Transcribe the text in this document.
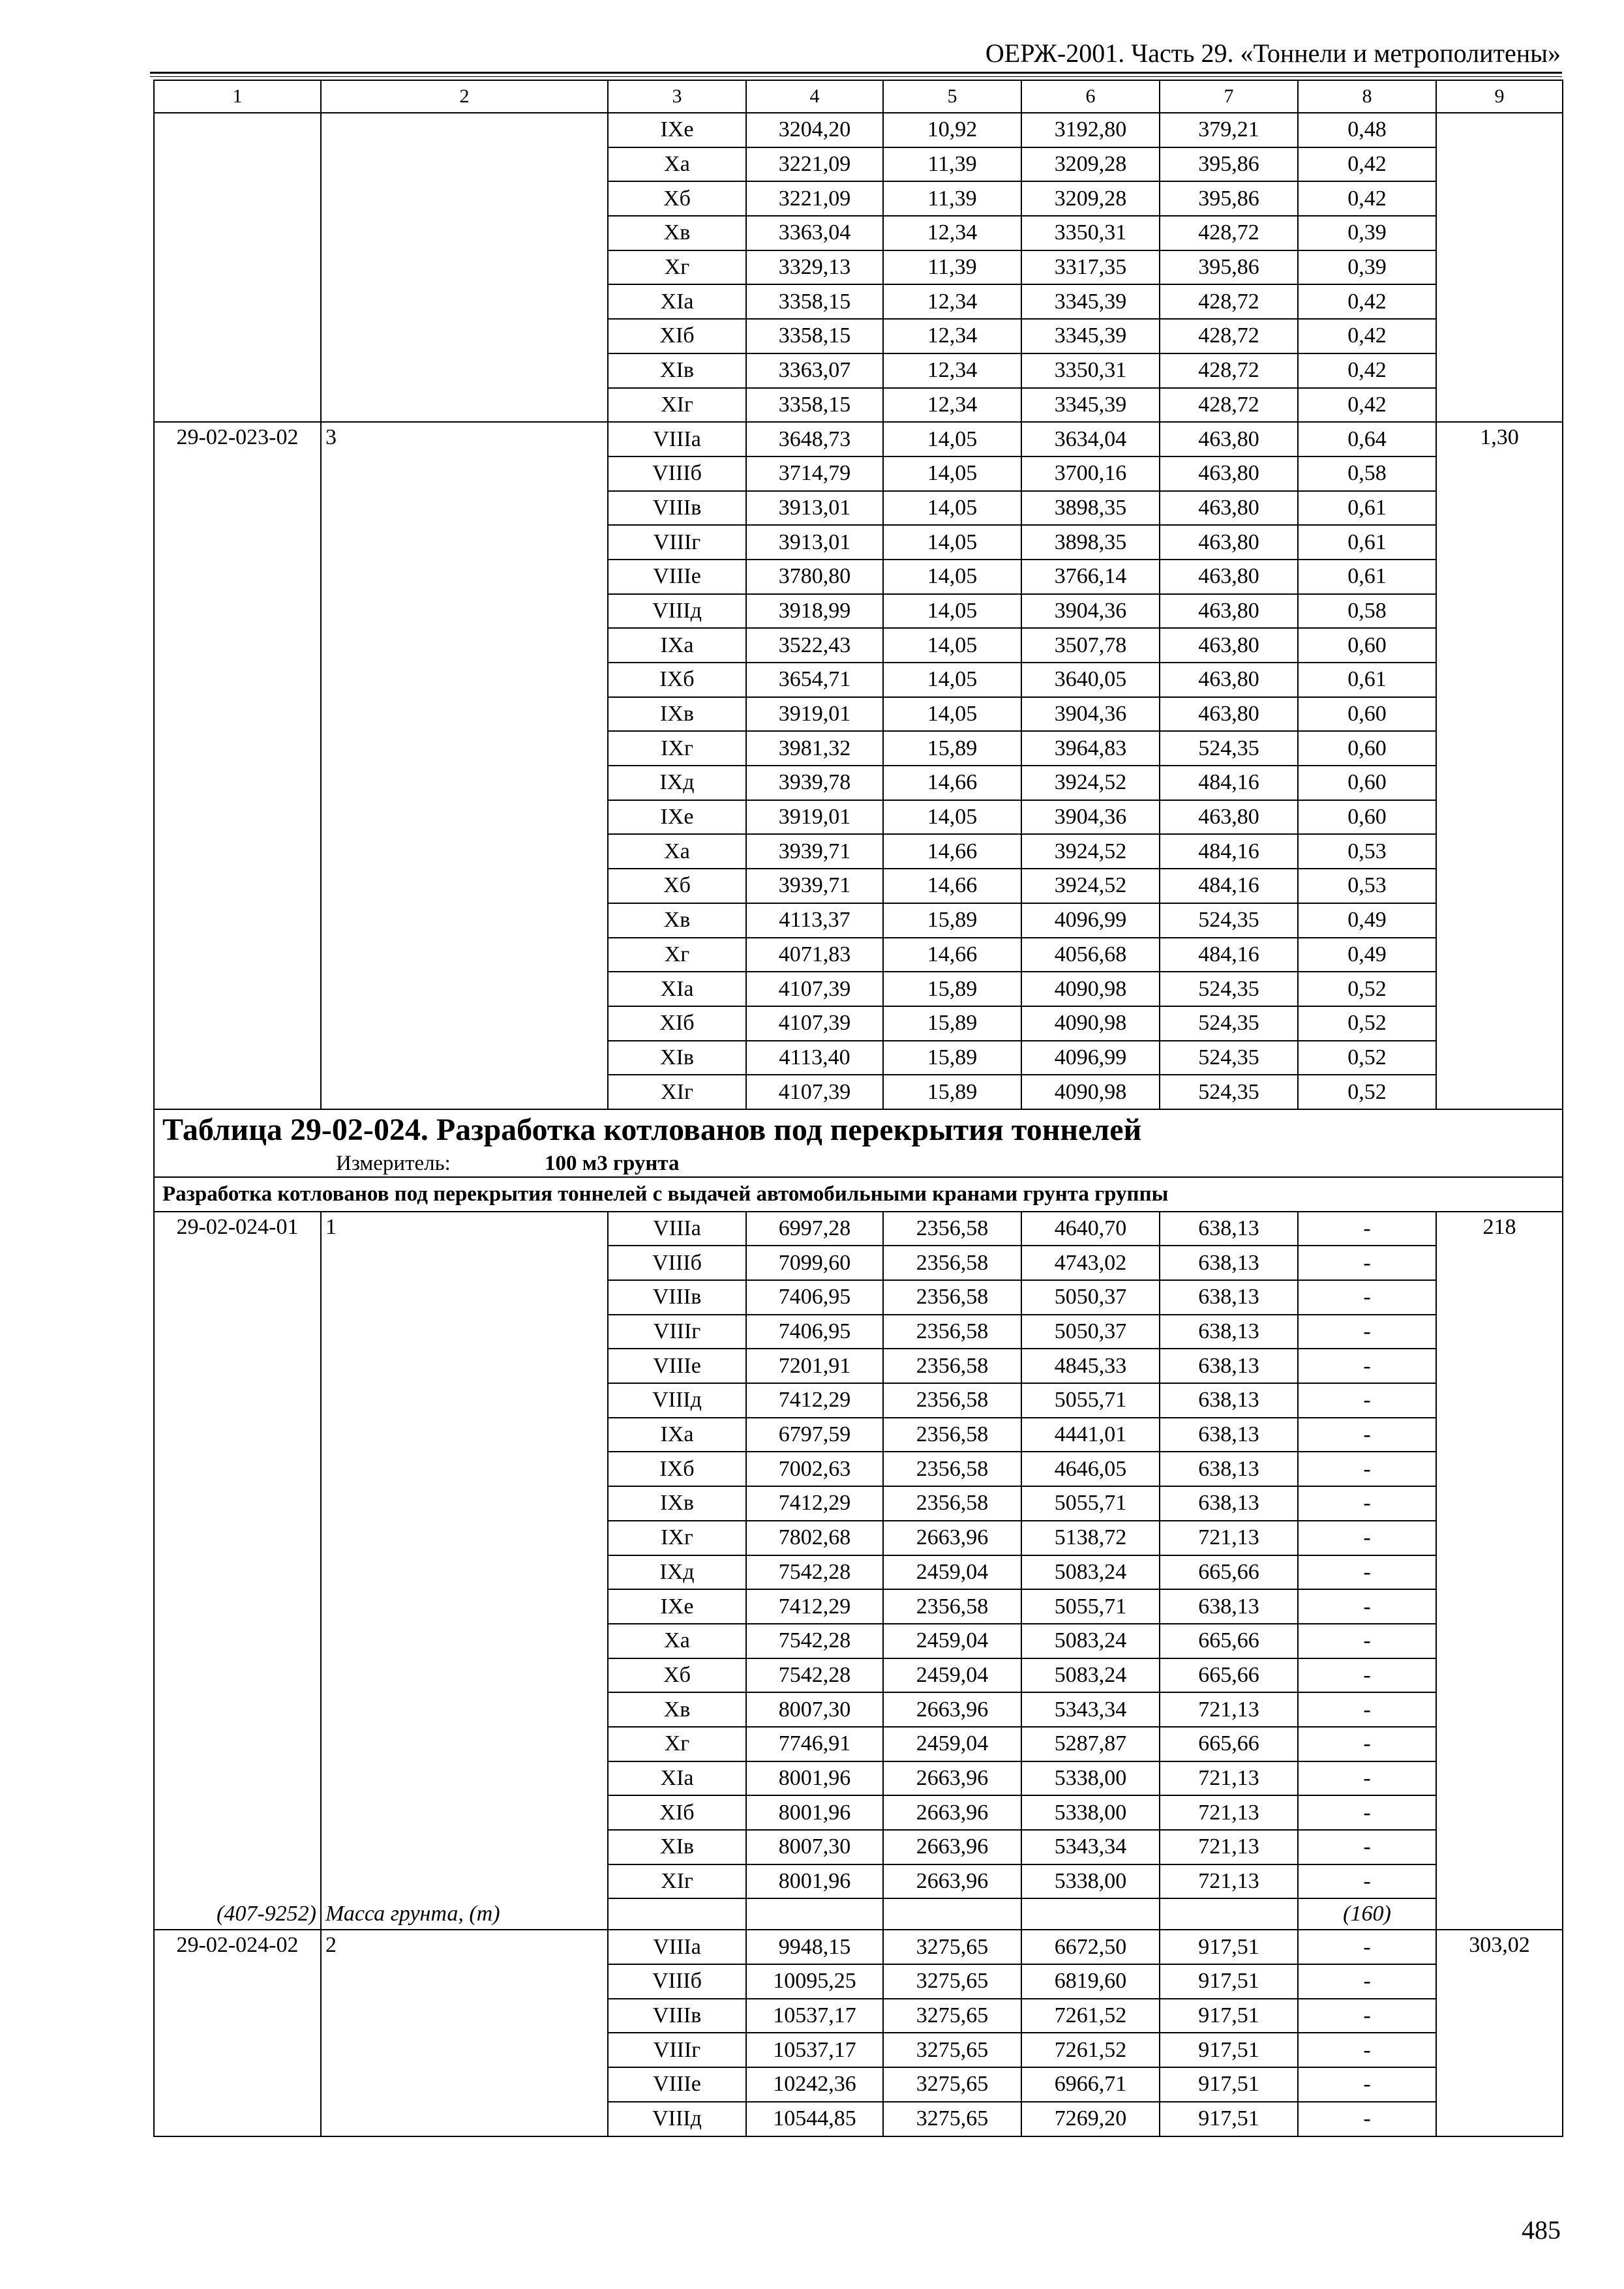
ОЕРЖ-2001. Часть 29. «Тоннели и метрополитены»
1	2	3	4	5	6	7	8	9
		IXе	3204,20	10,92	3192,80	379,21	0,48	
		Xа	3221,09	11,39	3209,28	395,86	0,42	
		Xб	3221,09	11,39	3209,28	395,86	0,42	
		Xв	3363,04	12,34	3350,31	428,72	0,39	
		Xг	3329,13	11,39	3317,35	395,86	0,39	
		XIа	3358,15	12,34	3345,39	428,72	0,42	
		XIб	3358,15	12,34	3345,39	428,72	0,42	
		XIв	3363,07	12,34	3350,31	428,72	0,42	
		XIг	3358,15	12,34	3345,39	428,72	0,42	
29-02-023-02	3	VIIIа	3648,73	14,05	3634,04	463,80	0,64	1,30
		VIIIб	3714,79	14,05	3700,16	463,80	0,58	
		VIIIв	3913,01	14,05	3898,35	463,80	0,61	
		VIIIг	3913,01	14,05	3898,35	463,80	0,61	
		VIIIе	3780,80	14,05	3766,14	463,80	0,61	
		VIIIд	3918,99	14,05	3904,36	463,80	0,58	
		IXа	3522,43	14,05	3507,78	463,80	0,60	
		IXб	3654,71	14,05	3640,05	463,80	0,61	
		IXв	3919,01	14,05	3904,36	463,80	0,60	
		IXг	3981,32	15,89	3964,83	524,35	0,60	
		IXд	3939,78	14,66	3924,52	484,16	0,60	
		IXе	3919,01	14,05	3904,36	463,80	0,60	
		Xа	3939,71	14,66	3924,52	484,16	0,53	
		Xб	3939,71	14,66	3924,52	484,16	0,53	
		Xв	4113,37	15,89	4096,99	524,35	0,49	
		Xг	4071,83	14,66	4056,68	484,16	0,49	
		XIа	4107,39	15,89	4090,98	524,35	0,52	
		XIб	4107,39	15,89	4090,98	524,35	0,52	
		XIв	4113,40	15,89	4096,99	524,35	0,52	
		XIг	4107,39	15,89	4090,98	524,35	0,52	

Таблица 29-02-024. Разработка котлованов под перекрытия тоннелей
Измеритель: 100 м3 грунта								

Разработка котлованов под перекрытия тоннелей с выдачей автомобильными кранами грунта группы								
29-02-024-01	1	VIIIа	6997,28	2356,58	4640,70	638,13	-	218
		VIIIб	7099,60	2356,58	4743,02	638,13	-	
		VIIIв	7406,95	2356,58	5050,37	638,13	-	
		VIIIг	7406,95	2356,58	5050,37	638,13	-	
		VIIIе	7201,91	2356,58	4845,33	638,13	-	
		VIIIд	7412,29	2356,58	5055,71	638,13	-	
		IXа	6797,59	2356,58	4441,01	638,13	-	
		IXб	7002,63	2356,58	4646,05	638,13	-	
		IXв	7412,29	2356,58	5055,71	638,13	-	
		IXг	7802,68	2663,96	5138,72	721,13	-	
		IXд	7542,28	2459,04	5083,24	665,66	-	
		IXе	7412,29	2356,58	5055,71	638,13	-	
		Xа	7542,28	2459,04	5083,24	665,66	-	
		Xб	7542,28	2459,04	5083,24	665,66	-	
		Xв	8007,30	2663,96	5343,34	721,13	-	
		Xг	7746,91	2459,04	5287,87	665,66	-	
		XIа	8001,96	2663,96	5338,00	721,13	-	
		XIб	8001,96	2663,96	5338,00	721,13	-	
		XIв	8007,30	2663,96	5343,34	721,13	-	
		XIг	8001,96	2663,96	5338,00	721,13	-	
(407-9252)	Масса грунта, (т)						(160)	
29-02-024-02	2	VIIIа	9948,15	3275,65	6672,50	917,51	-	303,02
		VIIIб	10095,25	3275,65	6819,60	917,51	-	
		VIIIв	10537,17	3275,65	7261,52	917,51	-	
		VIIIг	10537,17	3275,65	7261,52	917,51	-	
		VIIIе	10242,36	3275,65	6966,71	917,51	-	
		VIIIд	10544,85	3275,65	7269,20	917,51	-	
485
